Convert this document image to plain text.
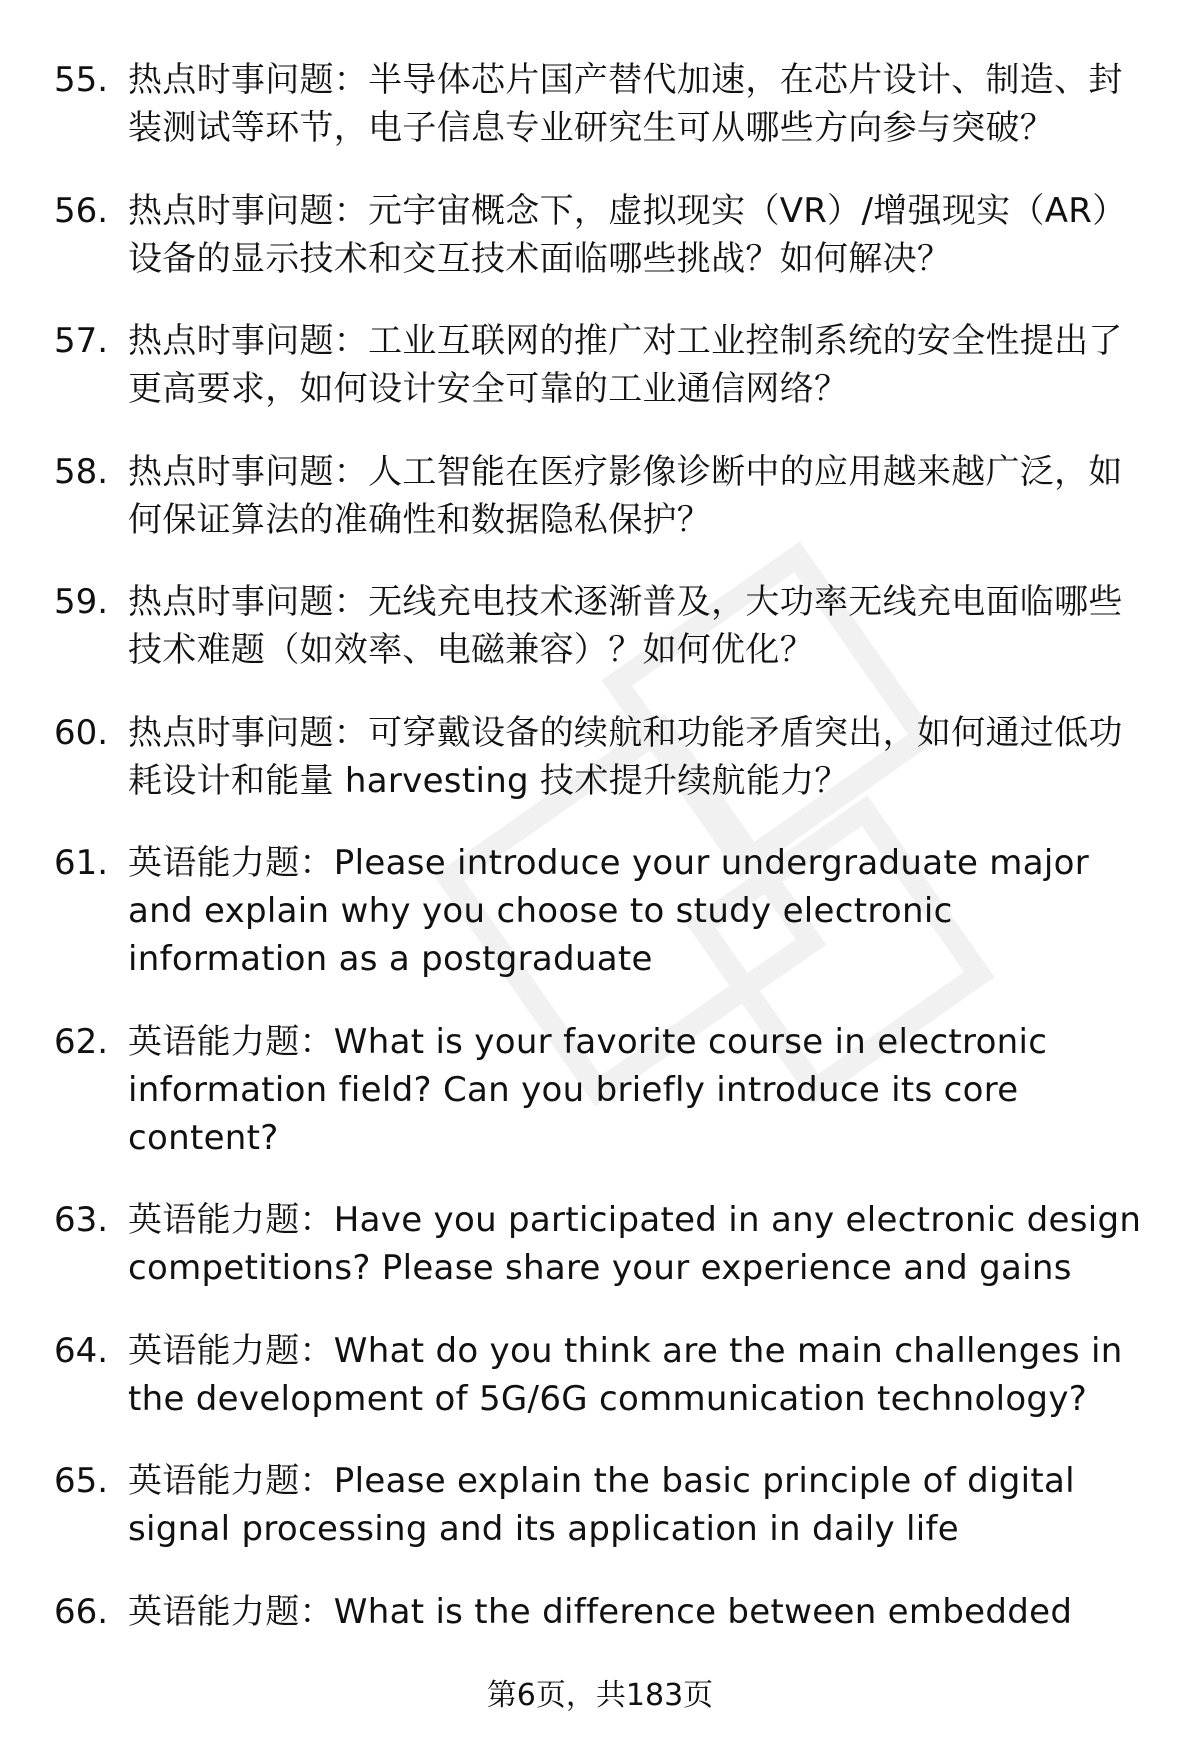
55. 热点时事问题：半导体芯片国产替代加速，在芯片设计、制造、封装测试等环节，电子信息专业研究生可从哪些方向参与突破？
56. 热点时事问题：元宇宙概念下，虚拟现实（VR）/增强现实（AR）设备的显示技术和交互技术面临哪些挑战？如何解决？
57. 热点时事问题：工业互联网的推广对工业控制系统的安全性提出了更高要求，如何设计安全可靠的工业通信网络？
58. 热点时事问题：人工智能在医疗影像诊断中的应用越来越广泛，如何保证算法的准确性和数据隐私保护？
59. 热点时事问题：无线充电技术逐渐普及，大功率无线充电面临哪些技术难题（如效率、电磁兼容）？如何优化？
60. 热点时事问题：可穿戴设备的续航和功能矛盾突出，如何通过低功耗设计和能量 harvesting 技术提升续航能力？
61. 英语能力题：Please introduce your undergraduate major and explain why you choose to study electronic information as a postgraduate
62. 英语能力题：What is your favorite course in electronic information field? Can you briefly introduce its core content?
63. 英语能力题：Have you participated in any electronic design competitions? Please share your experience and gains
64. 英语能力题：What do you think are the main challenges in the development of 5G/6G communication technology?
65. 英语能力题：Please explain the basic principle of digital signal processing and its application in daily life
66. 英语能力题：What is the difference between embedded
第6页，共183页
